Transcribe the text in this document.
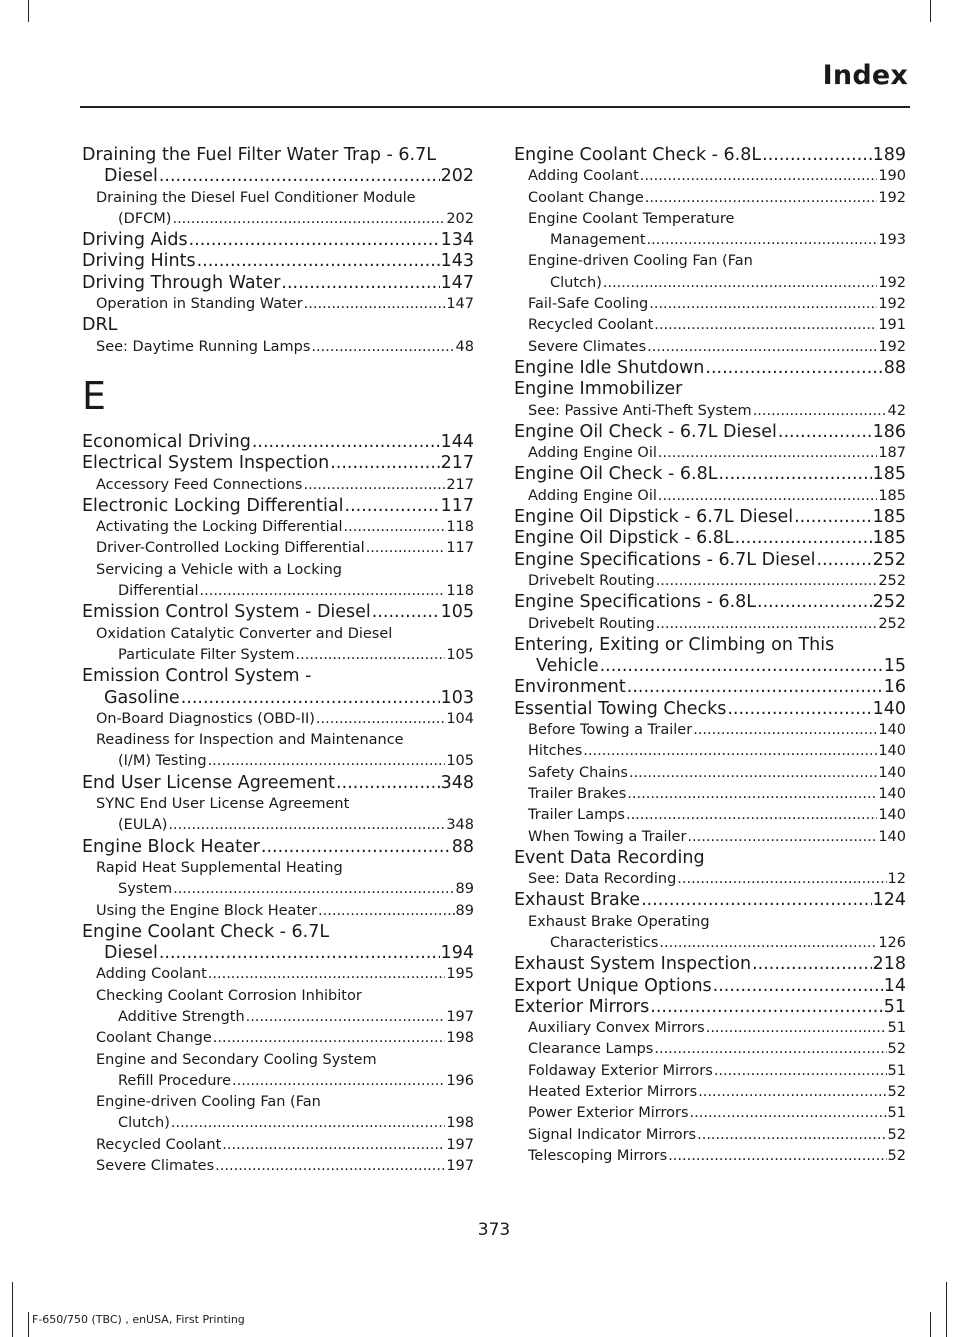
Index
Draining the Fuel Filter Water Trap - 6.7L
Diesel .....	202
Draining the Diesel Fuel Conditioner Module
(DFCM) .....	202
Driving Aids .....	134
Driving Hints .....	143
Driving Through Water .....	147
Operation in Standing Water .....	147
DRL
See: Daytime Running Lamps .....	48
E
Economical Driving .....	144
Electrical System Inspection .....	217
Accessory Feed Connections .....	217
Electronic Locking Differential .....	117
Activating the Locking Differential .....	118
Driver-Controlled Locking Differential .....	117
Servicing a Vehicle with a Locking
Differential .....	118
Emission Control System - Diesel .....	105
Oxidation Catalytic Converter and Diesel
Particulate Filter System .....	105
Emission Control System -
Gasoline .....	103
On-Board Diagnostics (OBD-II) .....	104
Readiness for Inspection and Maintenance
(I/M) Testing .....	105
End User License Agreement .....	348
SYNC End User License Agreement
(EULA) .....	348
Engine Block Heater .....	88
Rapid Heat Supplemental Heating
System .....	89
Using the Engine Block Heater .....	89
Engine Coolant Check - 6.7L
Diesel .....	194
Adding Coolant .....	195
Checking Coolant Corrosion Inhibitor
Additive Strength .....	197
Coolant Change .....	198
Engine and Secondary Cooling System
Refill Procedure .....	196
Engine-driven Cooling Fan (Fan
Clutch) .....	198
Recycled Coolant .....	197
Severe Climates .....	197
Engine Coolant Check - 6.8L .....	189
Adding Coolant .....	190
Coolant Change .....	192
Engine Coolant Temperature
Management .....	193
Engine-driven Cooling Fan (Fan
Clutch) .....	192
Fail-Safe Cooling .....	192
Recycled Coolant .....	191
Severe Climates .....	192
Engine Idle Shutdown .....	88
Engine Immobilizer
See: Passive Anti-Theft System .....	42
Engine Oil Check - 6.7L Diesel .....	186
Adding Engine Oil .....	187
Engine Oil Check - 6.8L .....	185
Adding Engine Oil .....	185
Engine Oil Dipstick - 6.7L Diesel .....	185
Engine Oil Dipstick - 6.8L .....	185
Engine Specifications - 6.7L Diesel .....	252
Drivebelt Routing .....	252
Engine Specifications - 6.8L .....	252
Drivebelt Routing .....	252
Entering, Exiting or Climbing on This
Vehicle .....	15
Environment .....	16
Essential Towing Checks .....	140
Before Towing a Trailer .....	140
Hitches .....	140
Safety Chains .....	140
Trailer Brakes .....	140
Trailer Lamps .....	140
When Towing a Trailer .....	140
Event Data Recording
See: Data Recording .....	12
Exhaust Brake .....	124
Exhaust Brake Operating
Characteristics .....	126
Exhaust System Inspection .....	218
Export Unique Options .....	14
Exterior Mirrors .....	51
Auxiliary Convex Mirrors .....	51
Clearance Lamps .....	52
Foldaway Exterior Mirrors .....	51
Heated Exterior Mirrors .....	52
Power Exterior Mirrors .....	51
Signal Indicator Mirrors .....	52
Telescoping Mirrors .....	52
373
F-650/750 (TBC) , enUSA, First Printing
